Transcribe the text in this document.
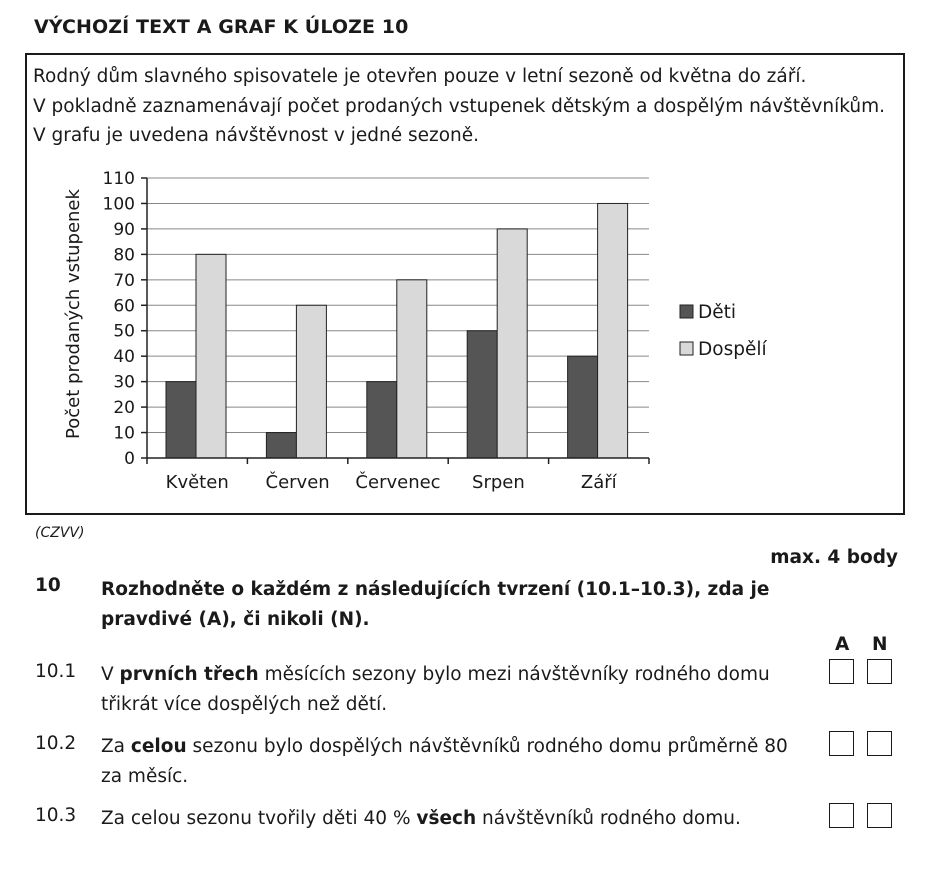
VÝCHOZÍ TEXT A GRAF K ÚLOZE 10
Rodný dům slavného spisovatele je otevřen pouze v letní sezoně od května do září.
V pokladně zaznamenávají počet prodaných vstupenek dětským a dospělým návštěvníkům.
V grafu je uvedena návštěvnost v jedné sezoně.
0
10
20
30
40
50
60
70
80
90
100
110
Květen Červen Červenec Srpen	Září
Počet prodaných vstupenek	Děti
Dospělí
(CZVV)
max. 4 body
10 Rozhodněte o každém z následujících tvrzení (10.1–10.3), zda je pravdivé (A), či nikoli (N).
A N
10.1 V prvních třech měsících sezony bylo mezi návštěvníky rodného domu třikrát více dospělých než dětí.
10.2 Za celou sezonu bylo dospělých návštěvníků rodného domu průměrně 80 za měsíc.
10.3 Za celou sezonu tvořily děti 40 % všech návštěvníků rodného domu.
